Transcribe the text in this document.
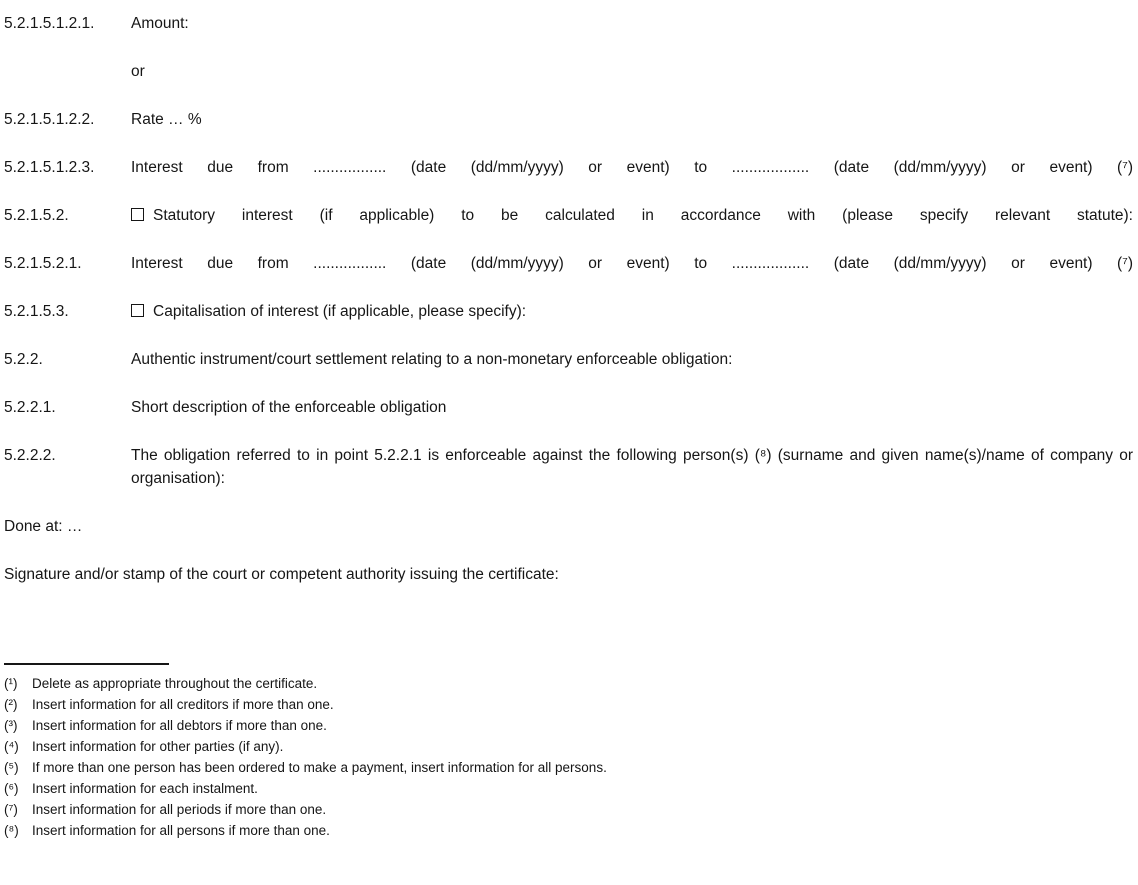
5.2.1.5.1.2.1.	Amount:
or
5.2.1.5.1.2.2.	Rate … %
5.2.1.5.1.2.3.	Interest due from ................. (date (dd/mm/yyyy) or event) to .................. (date (dd/mm/yyyy) or event) (⁷)
5.2.1.5.2.	Statutory interest (if applicable) to be calculated in accordance with (please specify relevant statute):
5.2.1.5.2.1.	Interest due from ................. (date (dd/mm/yyyy) or event) to .................. (date (dd/mm/yyyy) or event) (⁷)
5.2.1.5.3.	Capitalisation of interest (if applicable, please specify):
5.2.2.	Authentic instrument/court settlement relating to a non-monetary enforceable obligation:
5.2.2.1.	Short description of the enforceable obligation
5.2.2.2.	The obligation referred to in point 5.2.2.1 is enforceable against the following person(s) (⁸) (surname and given name(s)/name of company or organisation):
Done at: …
Signature and/or stamp of the court or competent authority issuing the certificate:
(¹)	Delete as appropriate throughout the certificate.
(²)	Insert information for all creditors if more than one.
(³)	Insert information for all debtors if more than one.
(⁴) Insert information for other parties (if any).
(⁵) If more than one person has been ordered to make a payment, insert information for all persons.
(⁶) Insert information for each instalment.
(⁷)	Insert information for all periods if more than one.
(⁸) Insert information for all persons if more than one.
